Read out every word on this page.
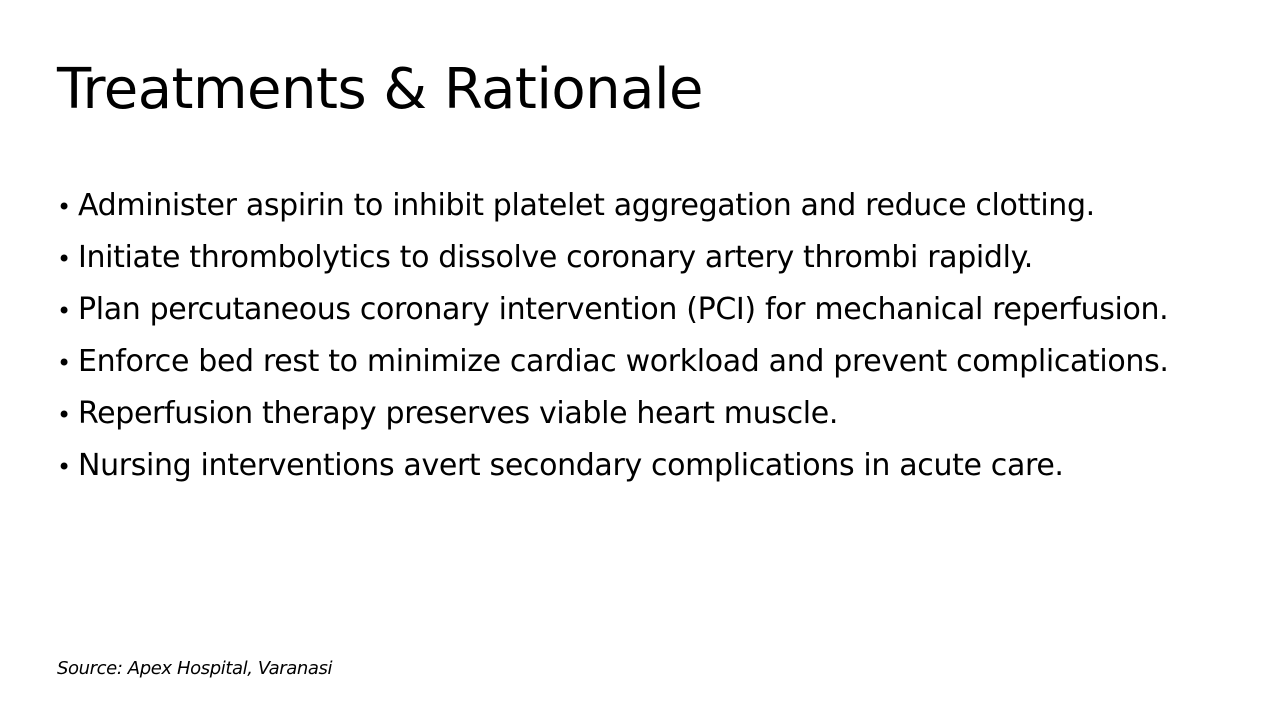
Treatments & Rationale
• Administer aspirin to inhibit platelet aggregation and reduce clotting.
• Initiate thrombolytics to dissolve coronary artery thrombi rapidly.
• Plan percutaneous coronary intervention (PCI) for mechanical reperfusion.
• Enforce bed rest to minimize cardiac workload and prevent complications.
• Reperfusion therapy preserves viable heart muscle.
• Nursing interventions avert secondary complications in acute care.
Source: Apex Hospital, Varanasi
